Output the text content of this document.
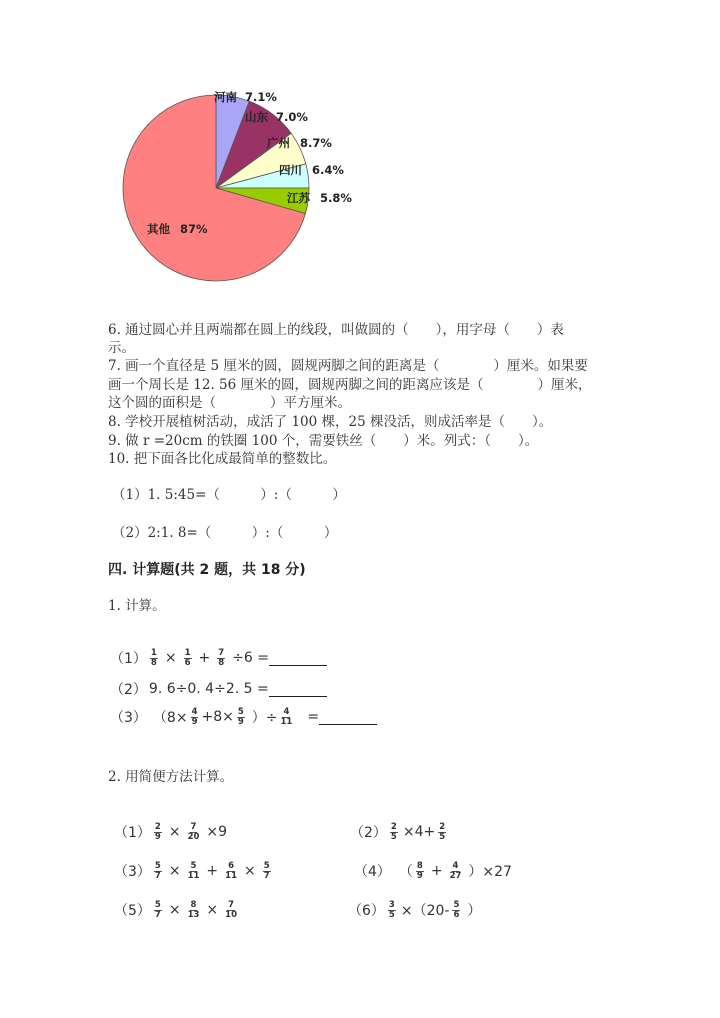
河南 7.1%
山东 7.0%
广州 8.7%
四川 6.4%
江苏 5.8%
其他 87%
6. 通过圆心并且两端都在圆上的线段，叫做圆的（　　），用字母（　　）表
示。
7. 画一个直径是 5 厘米的圆，圆规两脚之间的距离是（　　　　）厘米。如果要
画一个周长是 12. 56 厘米的圆，圆规两脚之间的距离应该是（　　　　）厘米，
这个圆的面积是（　　　　）平方厘米。
8. 学校开展植树活动，成活了 100 棵，25 棵没活，则成活率是（　　）。
9. 做 r =20cm 的铁圈 100 个，需要铁丝（　　）米。列式：（　　）。
10. 把下面各比化成最简单的整数比。
（1）1. 5:45=（　　　）:（　　　）
（2）2:1. 8=（　　　）:（　　　）
四. 计算题(共 2 题，共 18 分)
1. 计算。
$(1) \frac{1}{8} \times \frac{1}{6} + \frac{7}{8} \div 6$ =
（2） 9. 6÷0. 4÷2. 5 =
（3） （$8\times \frac{4}{9} +8\times \frac{5}{9}$ ）÷ $\frac{4}{11}$ =
2. 用简便方法计算。
$(1) \frac{2}{9} \times \frac{7}{20} \times 9$	$(2) \frac{2}{5} \times 4+ \frac{2}{5}$
$(3) \frac{5}{7} \times \frac{5}{11} + \frac{6}{11} \times \frac{5}{7}$	（4） （ $\frac{8}{9} + \frac{4}{27} )\times 27$
$(5) \frac{5}{7} \times \frac{8}{13} \times \frac{7}{10}$	$(6) \frac{3}{5} \times(20- \frac{5}{6}$ ）
